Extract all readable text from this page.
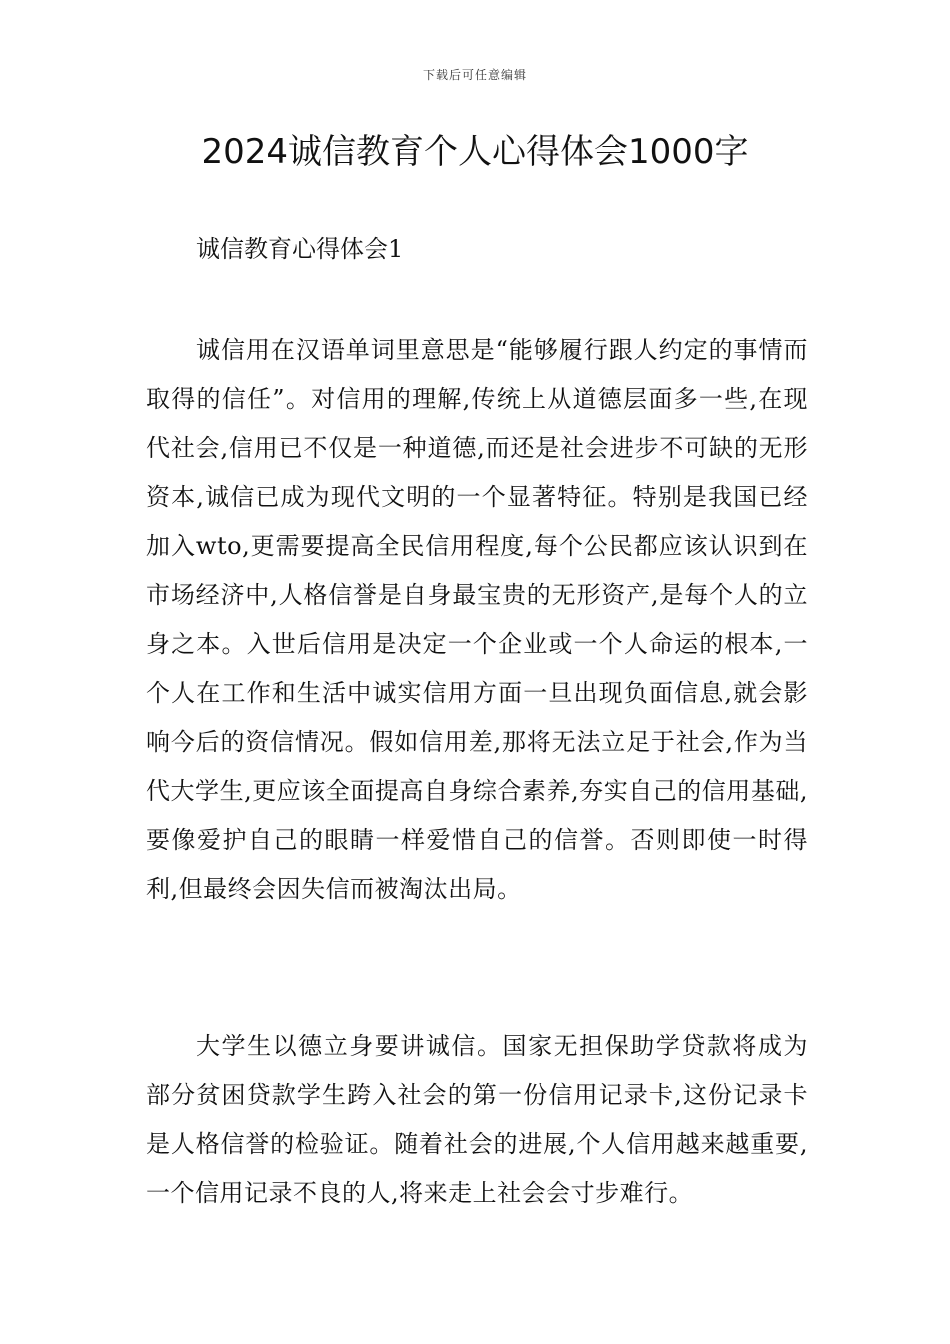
下载后可任意编辑
2024诚信教育个人心得体会1000字
诚信教育心得体会1

诚信用在汉语单词里意思是“能够履行跟人约定的事情而取得的信任”。对信用的理解,传统上从道德层面多一些,在现代社会,信用已不仅是一种道德,而还是社会进步不可缺的无形资本,诚信已成为现代文明的一个显著特征。特别是我国已经加入wto,更需要提高全民信用程度,每个公民都应该认识到在市场经济中,人格信誉是自身最宝贵的无形资产,是每个人的立身之本。入世后信用是决定一个企业或一个人命运的根本,一个人在工作和生活中诚实信用方面一旦出现负面信息,就会影响今后的资信情况。假如信用差,那将无法立足于社会,作为当代大学生,更应该全面提高自身综合素养,夯实自己的信用基础,要像爱护自己的眼睛一样爱惜自己的信誉。否则即使一时得利,但最终会因失信而被淘汰出局。

大学生以德立身要讲诚信。国家无担保助学贷款将成为部分贫困贷款学生跨入社会的第一份信用记录卡,这份记录卡是人格信誉的检验证。随着社会的进展,个人信用越来越重要,一个信用记录不良的人,将来走上社会会寸步难行。
